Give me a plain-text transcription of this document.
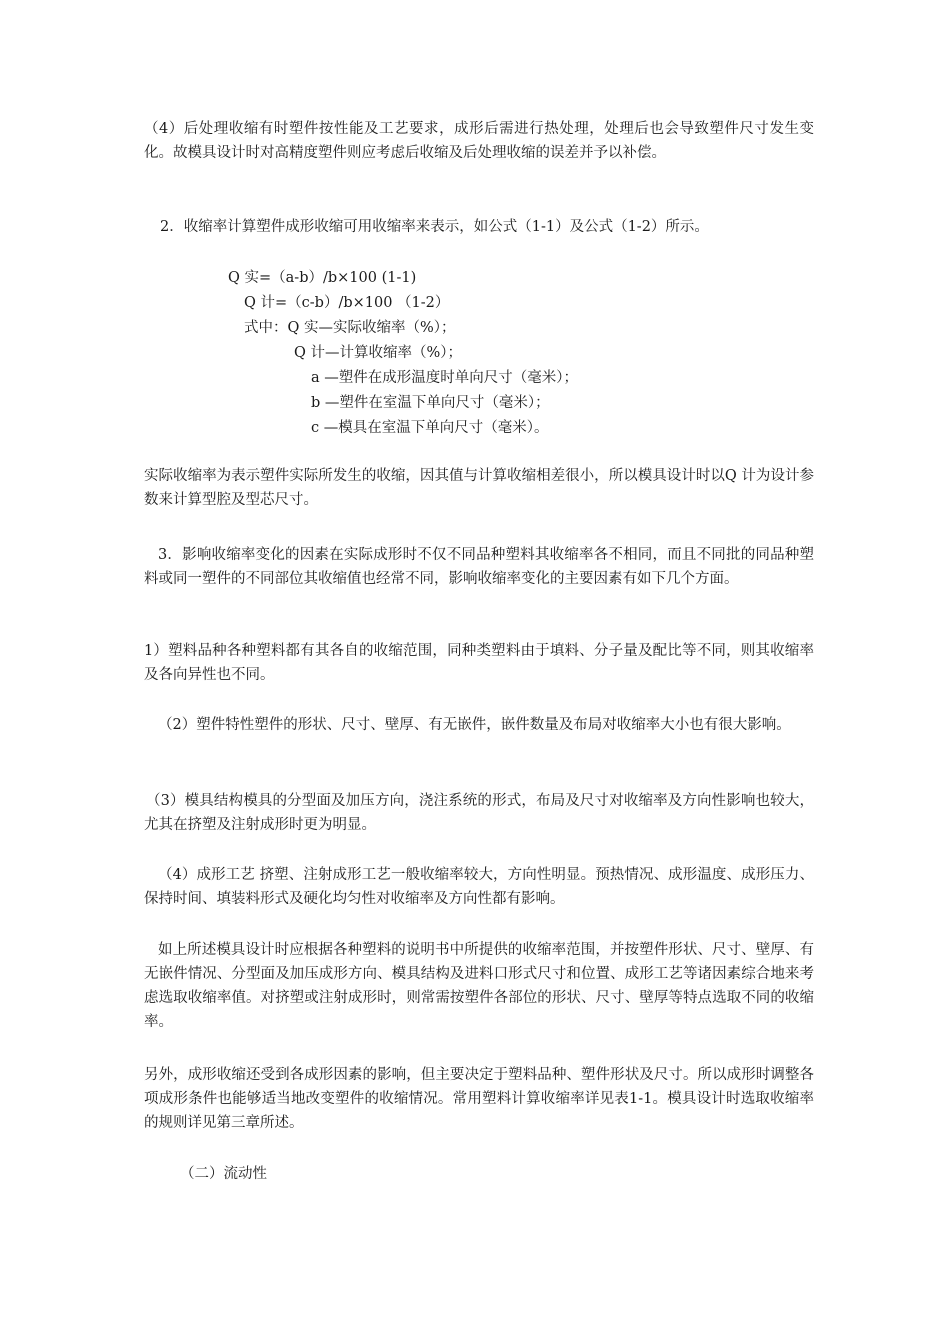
（4）后处理收缩有时塑件按性能及工艺要求，成形后需进行热处理，处理后也会导致塑件尺寸发生变化。故模具设计时对高精度塑件则应考虑后收缩及后处理收缩的误差并予以补偿。

2．收缩率计算塑件成形收缩可用收缩率来表示，如公式（1-1）及公式（1-2）所示。

Q 实=（a-b）/b×100 (1-1)

Q 计=（c-b）/b×100 （1-2）

式中：Q 实—实际收缩率（%）；

Q 计—计算收缩率（%）；

a —塑件在成形温度时单向尺寸（毫米）；

b —塑件在室温下单向尺寸（毫米）；

c —模具在室温下单向尺寸（毫米）。

实际收缩率为表示塑件实际所发生的收缩，因其值与计算收缩相差很小，所以模具设计时以Q 计为设计参数来计算型腔及型芯尺寸。

3．影响收缩率变化的因素在实际成形时不仅不同品种塑料其收缩率各不相同，而且不同批的同品种塑料或同一塑件的不同部位其收缩值也经常不同，影响收缩率变化的主要因素有如下几个方面。

1）塑料品种各种塑料都有其各自的收缩范围，同种类塑料由于填料、分子量及配比等不同，则其收缩率及各向异性也不同。

（2）塑件特性塑件的形状、尺寸、壁厚、有无嵌件，嵌件数量及布局对收缩率大小也有很大影响。

（3）模具结构模具的分型面及加压方向，浇注系统的形式，布局及尺寸对收缩率及方向性影响也较大，尤其在挤塑及注射成形时更为明显。

（4）成形工艺 挤塑、注射成形工艺一般收缩率较大，方向性明显。预热情况、成形温度、成形压力、保持时间、填装料形式及硬化均匀性对收缩率及方向性都有影响。

如上所述模具设计时应根据各种塑料的说明书中所提供的收缩率范围，并按塑件形状、尺寸、壁厚、有无嵌件情况、分型面及加压成形方向、模具结构及进料口形式尺寸和位置、成形工艺等诸因素综合地来考虑选取收缩率值。对挤塑或注射成形时，则常需按塑件各部位的形状、尺寸、壁厚等特点选取不同的收缩率。

另外，成形收缩还受到各成形因素的影响，但主要决定于塑料品种、塑件形状及尺寸。所以成形时调整各项成形条件也能够适当地改变塑件的收缩情况。常用塑料计算收缩率详见表1-1。模具设计时选取收缩率的规则详见第三章所述。

（二）流动性
